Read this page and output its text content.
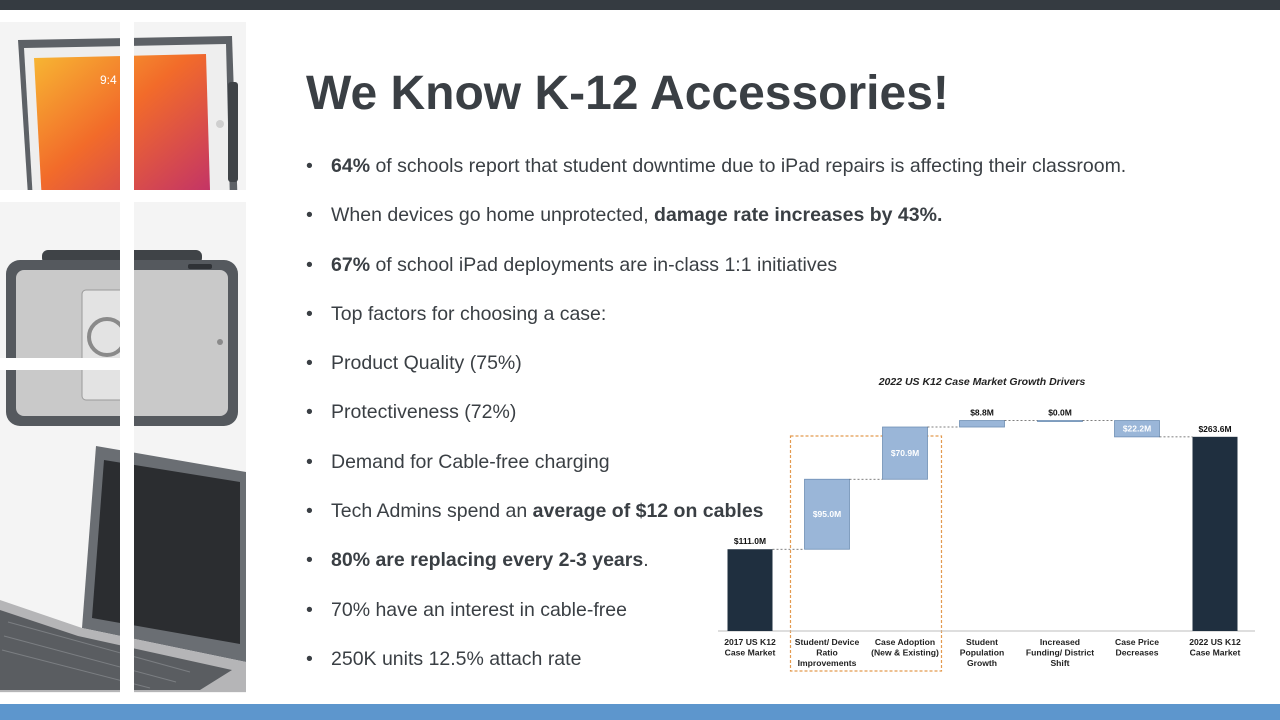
9:4	We Know K-12 Accessories!
• 64% of schools report that student downtime due to iPad repairs is affecting their classroom.
• When devices go home unprotected, damage rate increases by 43%.
• 67% of school iPad deployments are in-class 1:1 initiatives
• Top factors for choosing a case:
• Product Quality (75%)
• Protectiveness (72%)
• Demand for Cable-free charging
• Tech Admins spend an average of $12 on cables
• 80% are replacing every 2-3 years.
• 70% have an interest in cable-free
• 250K units 12.5% attach rate
2022 US K12 Case Market Growth Drivers
$111.0M
2017 US K12
Case Market
$95.0M
Student/ Device
Ratio
Improvements
$70.9M
Case Adoption
(New & Existing)
$8.8M
Student
Population
Growth
$0.0M
Increased
Funding/ District
Shift
$22.2M
Case Price
Decreases
$263.6M
2022 US K12
Case Market
